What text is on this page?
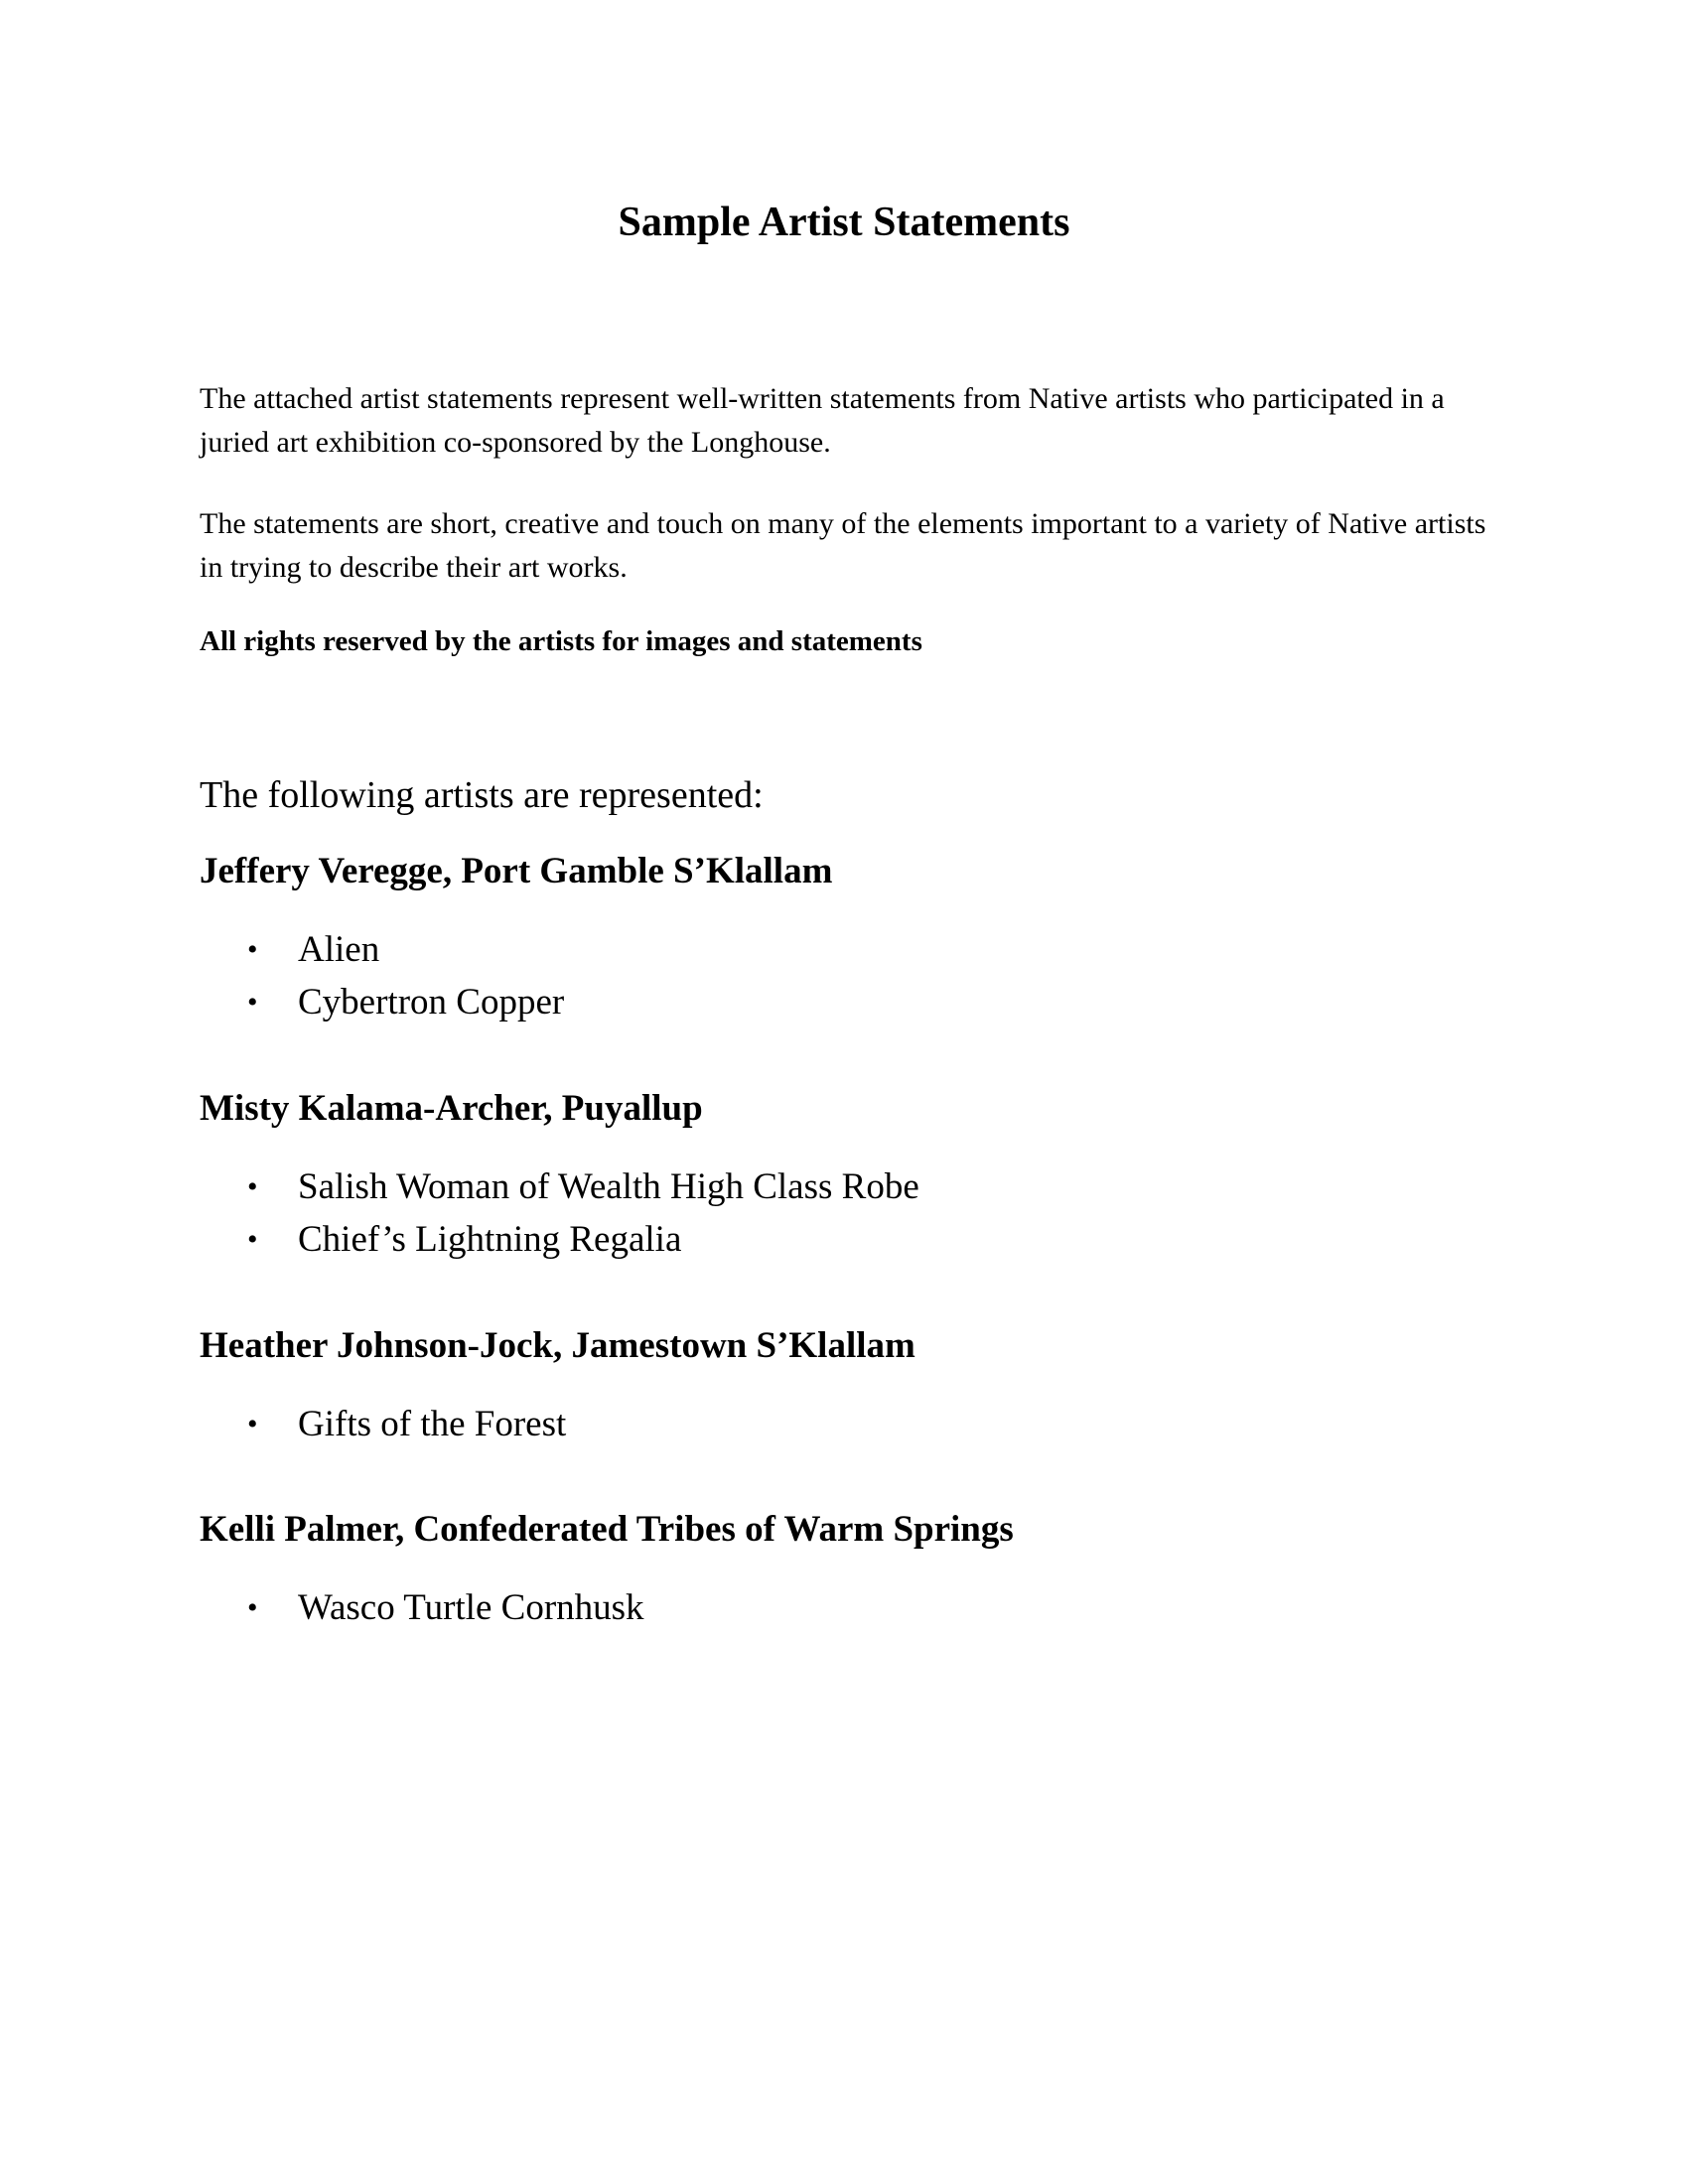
Sample Artist Statements

The attached artist statements represent well-written statements from Native artists who participated in a juried art exhibition co-sponsored by the Longhouse.

The statements are short, creative and touch on many of the elements important to a variety of Native artists in trying to describe their art works.

All rights reserved by the artists for images and statements

The following artists are represented:

Jeffery Veregge, Port Gamble S’Klallam
• Alien
• Cybertron Copper
Misty Kalama-Archer, Puyallup
• Salish Woman of Wealth High Class Robe
• Chief’s Lightning Regalia
Heather Johnson-Jock, Jamestown S’Klallam
• Gifts of the Forest
Kelli Palmer, Confederated Tribes of Warm Springs
• Wasco Turtle Cornhusk
